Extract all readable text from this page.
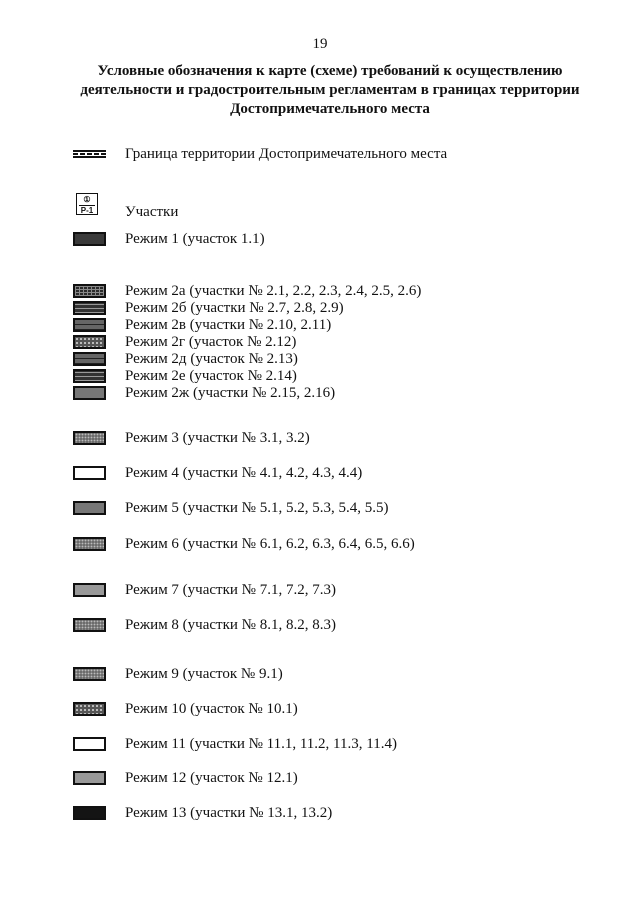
19
Условные обозначения к карте (схеме) требований к осуществлению
деятельности и градостроительным регламентам в границах территории
Достопримечательного места
Граница территории Достопримечательного места
①
Р-1 Участки
Режим 1 (участок 1.1)
Режим 2а (участки № 2.1, 2.2, 2.3, 2.4, 2.5, 2.6)
Режим 2б (участки № 2.7, 2.8, 2.9)
Режим 2в (участки № 2.10, 2.11)
Режим 2г (участок № 2.12)
Режим 2д (участок № 2.13)
Режим 2е (участок № 2.14)
Режим 2ж (участки № 2.15, 2.16)
Режим 3 (участки № 3.1, 3.2)
Режим 4 (участки № 4.1, 4.2, 4.3, 4.4)
Режим 5 (участки № 5.1, 5.2, 5.3, 5.4, 5.5)
Режим 6 (участки № 6.1, 6.2, 6.3, 6.4, 6.5, 6.6)
Режим 7 (участки № 7.1, 7.2, 7.3)
Режим 8 (участки № 8.1, 8.2, 8.3)
Режим 9 (участок № 9.1)
Режим 10 (участок № 10.1)
Режим 11 (участки № 11.1, 11.2, 11.3, 11.4)
Режим 12 (участок № 12.1)
Режим 13 (участки № 13.1, 13.2)
